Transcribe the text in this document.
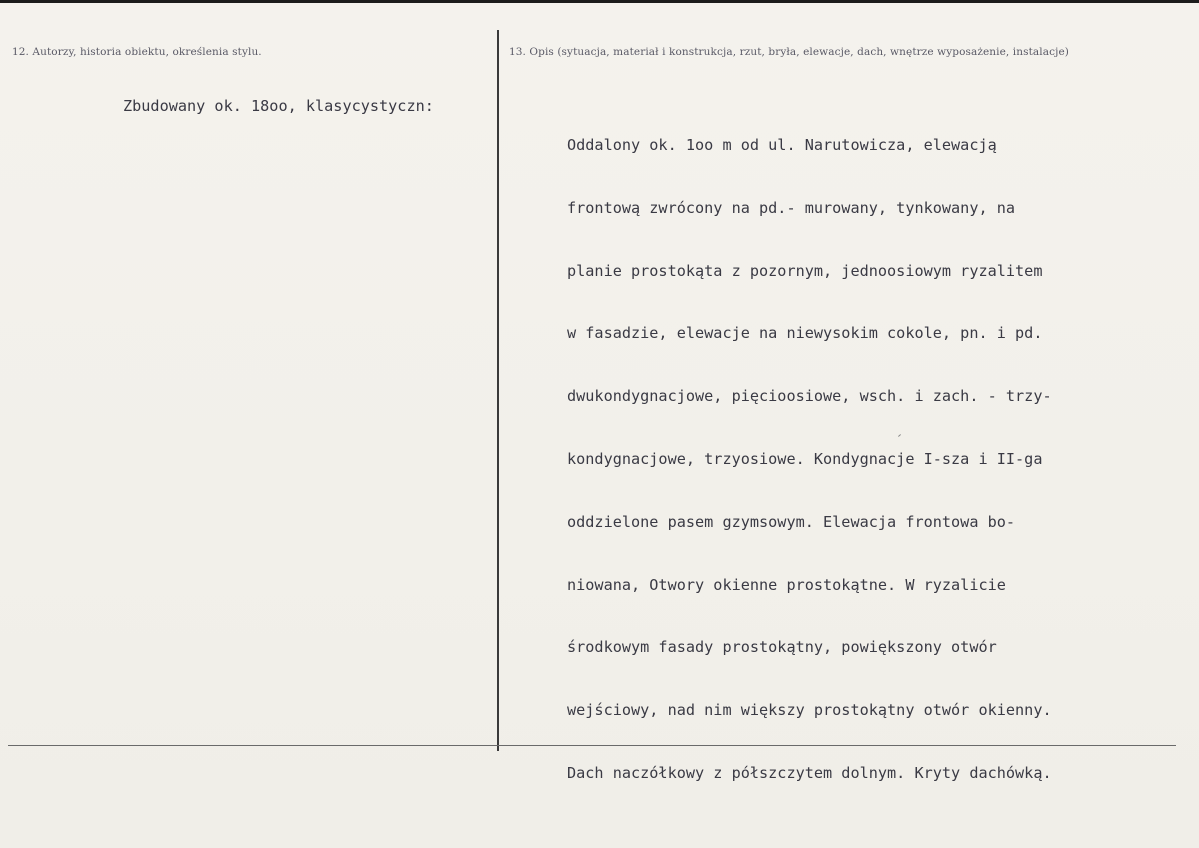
12. Autorzy, historia obiektu, określenia stylu.	13. Opis (sytuacja, materiał i konstrukcja, rzut, bryła, elewacje, dach, wnętrze wyposażenie, instalacje)
Zbudowany ok. 18oo, klasycystyczn:

Oddalony ok. 1oo m od ul. Narutowicza, elewacją

frontową zwrócony na pd.- murowany, tynkowany, na

planie prostokąta z pozornym, jednoosiowym ryzalitem

w fasadzie, elewacje na niewysokim cokole, pn. i pd.

dwukondygnacjowe, pięcioosiowe, wsch. i zach. - trzy-

kondygnacjowe, trzyosiowe. Kondygnacje I-sza i II-ga

oddzielone pasem gzymsowym. Elewacja frontowa bo-

niowana, Otwory okienne prostokątne. W ryzalicie

środkowym fasady prostokątny, powiększony otwór

wejściowy, nad nim większy prostokątny otwór okienny.

Dach naczółkowy z półszczytem dolnym. Kryty dachówką.
